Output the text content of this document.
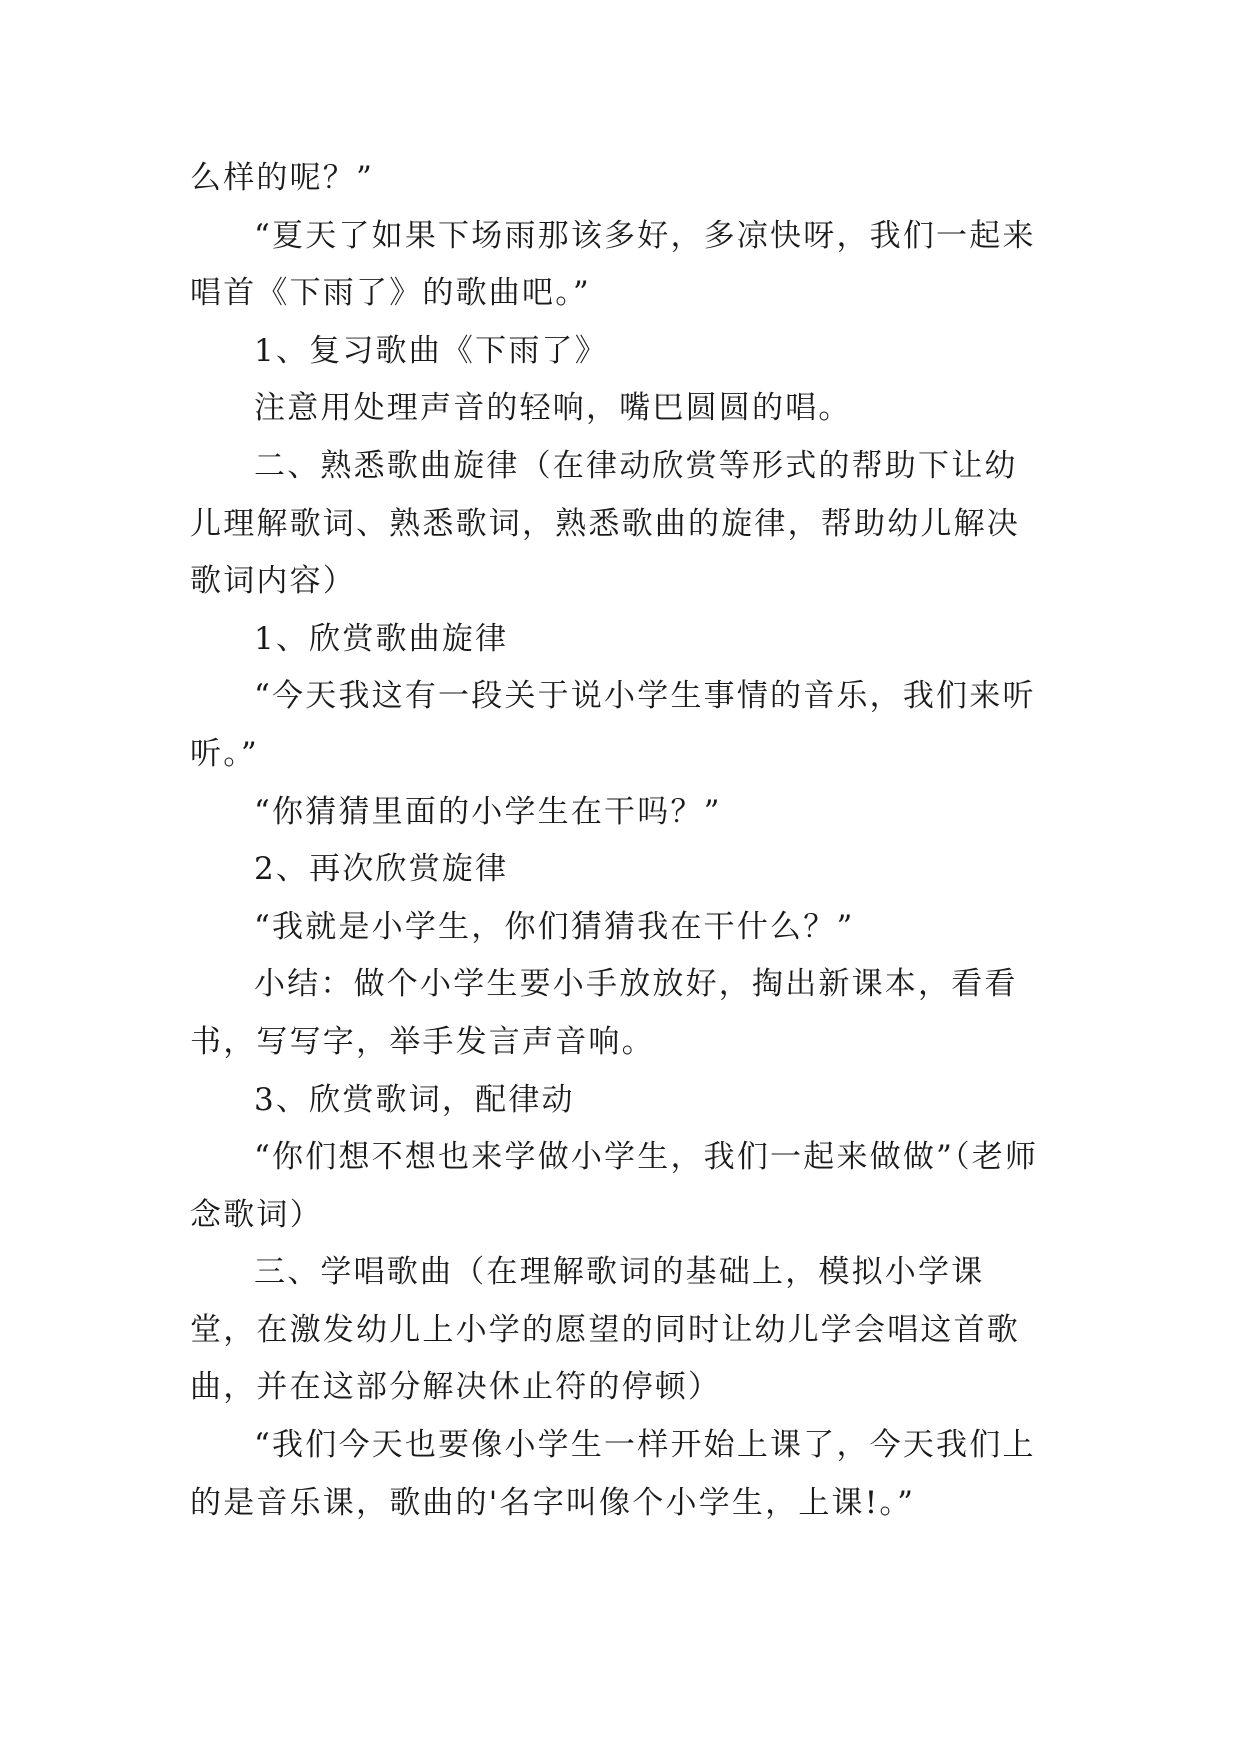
么样的呢？”

“夏天了如果下场雨那该多好，多凉快呀，我们一起来唱首《下雨了》的歌曲吧。”

1、复习歌曲《下雨了》

注意用处理声音的轻响，嘴巴圆圆的唱。

二、熟悉歌曲旋律（在律动欣赏等形式的帮助下让幼儿理解歌词、熟悉歌词，熟悉歌曲的旋律，帮助幼儿解决歌词内容）

1、欣赏歌曲旋律

“今天我这有一段关于说小学生事情的音乐，我们来听听。”

“你猜猜里面的小学生在干吗？”

2、再次欣赏旋律

“我就是小学生，你们猜猜我在干什么？”

小结：做个小学生要小手放放好，掏出新课本，看看书，写写字，举手发言声音响。

3、欣赏歌词，配律动

“你们想不想也来学做小学生，我们一起来做做”（老师念歌词）

三、学唱歌曲（在理解歌词的基础上，模拟小学课堂，在激发幼儿上小学的愿望的同时让幼儿学会唱这首歌曲，并在这部分解决休止符的停顿）

“我们今天也要像小学生一样开始上课了，今天我们上的是音乐课，歌曲的'名字叫像个小学生，上课!。”
